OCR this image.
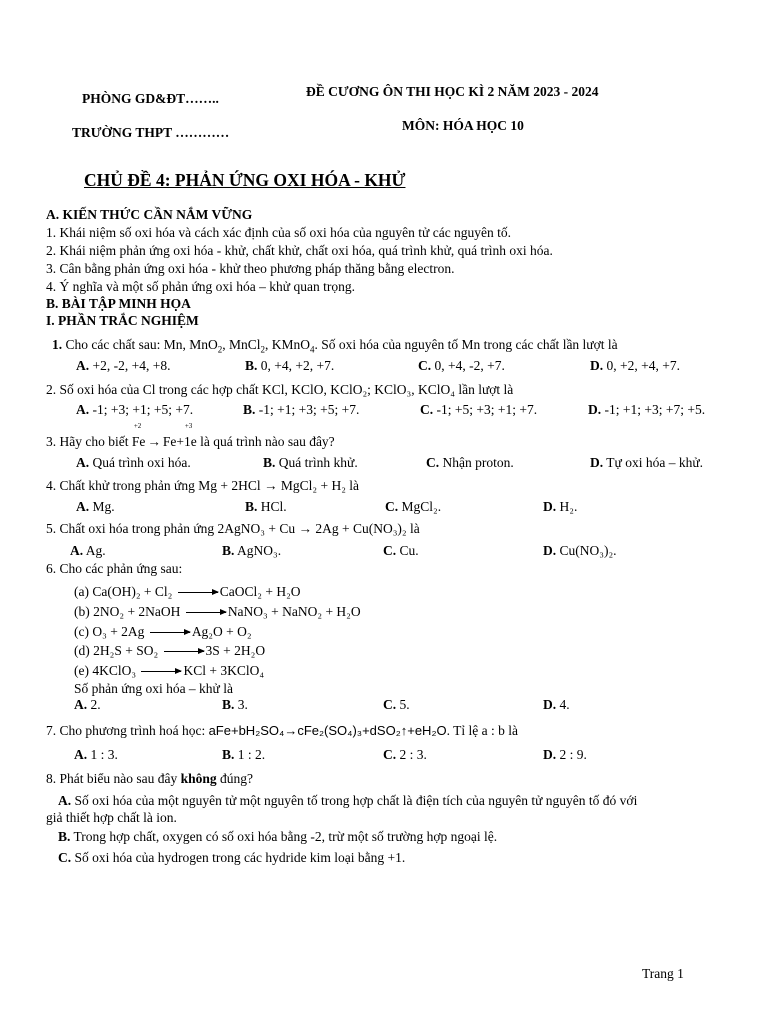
PHÒNG GD&ĐT……..
TRƯỜNG THPT …………
ĐỀ CƯƠNG ÔN THI HỌC KÌ 2 NĂM 2023 - 2024
MÔN: HÓA HỌC 10
CHỦ ĐỀ 4: PHẢN ỨNG OXI HÓA - KHỬ
A. KIẾN THỨC CẦN NẮM VỮNG
1. Khái niệm số oxi hóa và cách xác định của số oxi hóa của nguyên tử các nguyên tố.
2. Khái niệm phản ứng oxi hóa - khử, chất khử, chất oxi hóa, quá trình khử, quá trình oxi hóa.
3. Cân bằng phản ứng oxi hóa - khử theo phương pháp thăng bằng electron.
4. Ý nghĩa và một số phản ứng oxi hóa – khử quan trọng.
B. BÀI TẬP MINH HỌA
I. PHẦN TRẮC NGHIỆM
1. Cho các chất sau: Mn, MnO$_2$, MnCl$_2$, KMnO$_4$. Số oxi hóa của nguyên tố Mn trong các chất lần lượt là
A. +2, -2, +4, +8.	B. 0, +4, +2, +7.	C. 0, +4, -2, +7.	D. 0, +2, +4, +7.
2. Số oxi hóa của Cl trong các hợp chất KCl, KClO, KClO₂; KClO₃, KClO₄ lần lượt là
A. -1; +3; +1; +5; +7.	B. -1; +1; +3; +5; +7.	C. -1; +5; +3; +1; +7.	D. -1; +1; +3; +7; +5.
3. Hãy cho biết
+2
Fe →
+3
Fe+1e là quá trình nào sau đây?
A. Quá trình oxi hóa.	B. Quá trình khử.	C. Nhận proton.	D. Tự oxi hóa – khử.
4. Chất khử trong phản ứng Mg + 2HCl → MgCl₂ + H₂ là
A. Mg.	B. HCl.	C. MgCl₂.	D. H₂.
5. Chất oxi hóa trong phản ứng 2AgNO₃ + Cu → 2Ag + Cu(NO₃)₂ là
A. Ag.	B. AgNO₃.	C. Cu.	D. Cu(NO₃)₂.
6. Cho các phản ứng sau:
(a) Ca(OH)₂ + Cl₂	CaOCl₂ + H₂O
(b) 2NO₂ + 2NaOH	NaNO₃ + NaNO₂ + H₂O
(c) O₃ + 2Ag	Ag₂O + O₂
(d) 2H₂S + SO₂	3S + 2H₂O
(e) 4KClO₃	KCl + 3KClO₄
Số phản ứng oxi hóa – khử là
A. 2.	B. 3.	C. 5.	D. 4.
7. Cho phương trình hoá học: aFe+bH₂SO₄→cFe₂(SO₄)₃+dSO₂↑+eH₂O. Tỉ lệ a : b là
A. 1 : 3.	B. 1 : 2.	C. 2 : 3.	D. 2 : 9.
8. Phát biểu nào sau đây không đúng?
A. Số oxi hóa của một nguyên tử một nguyên tố trong hợp chất là điện tích của nguyên tử nguyên tố đó với
giả thiết hợp chất là ion.
B. Trong hợp chất, oxygen có số oxi hóa bằng -2, trừ một số trường hợp ngoại lệ.
C. Số oxi hóa của hydrogen trong các hydride kim loại bằng +1.
Trang 1
